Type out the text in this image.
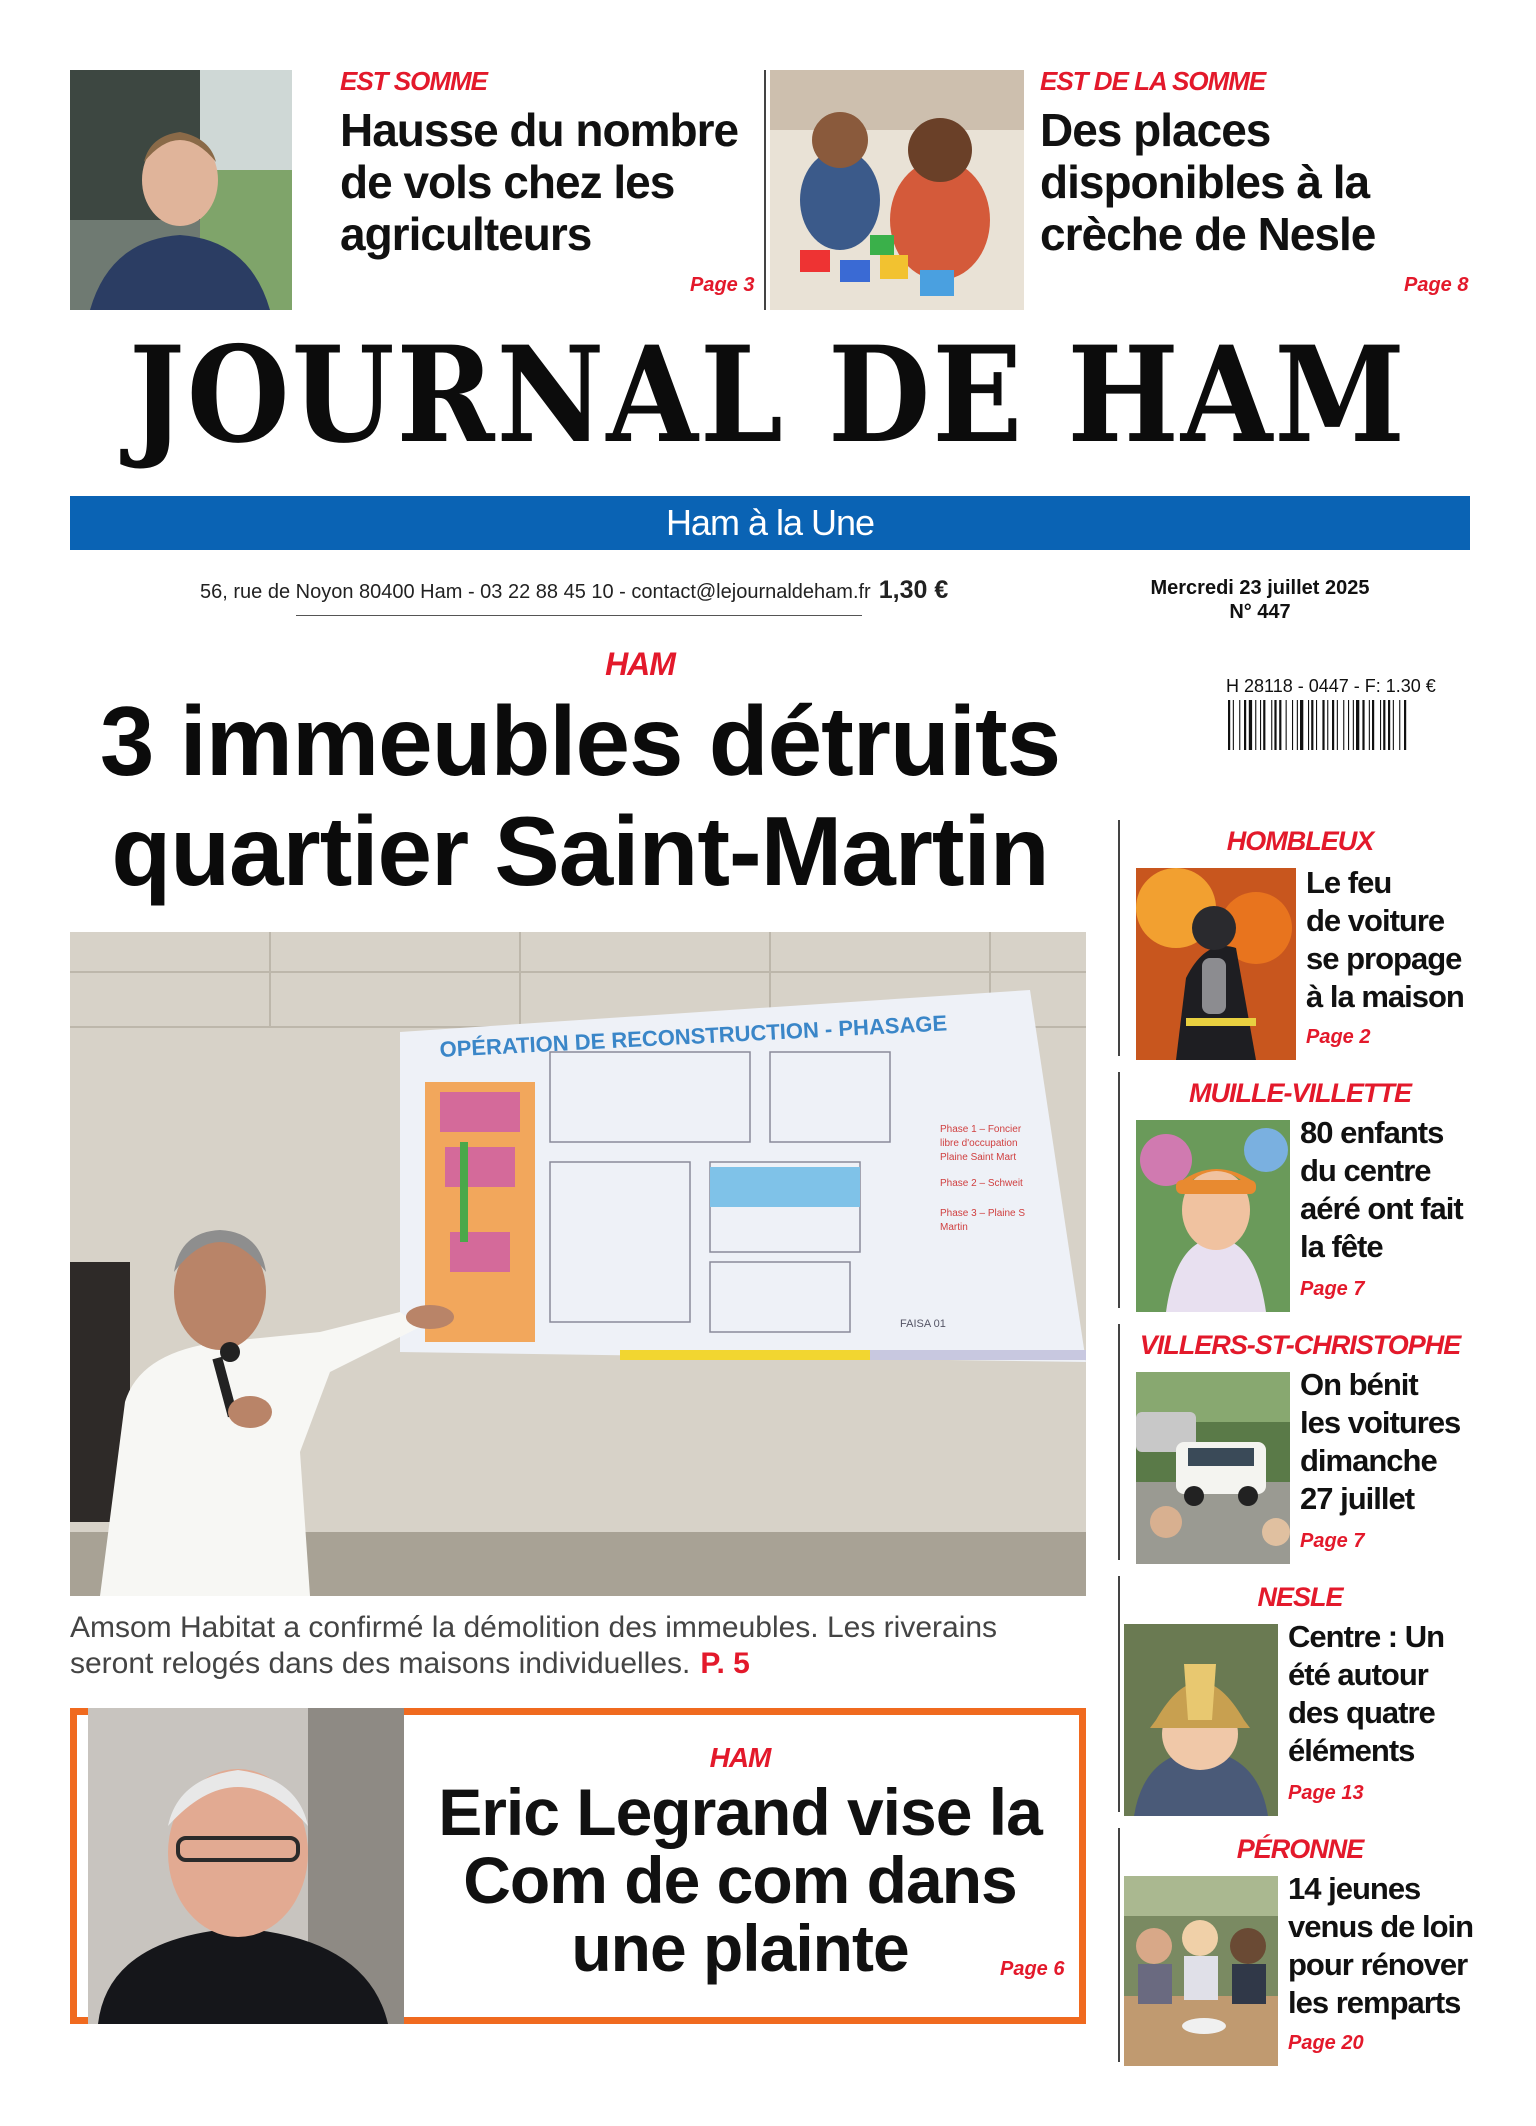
EST SOMME
Hausse du nombre
de vols chez les
agriculteurs
Page 3
EST DE LA SOMME
Des places
disponibles à la
crèche de Nesle
Page 8
JOURNAL DE HAM
Ham à la Une
56, rue de Noyon 80400 Ham - 03 22 88 45 10 - contact@lejournaldeham.fr 1,30 €	Mercredi 23 juillet 2025
N° 447
H 28118 - 0447 - F: 1.30 €
HAM
3 immeubles détruits
quartier Saint-Martin
OPÉRATION DE RECONSTRUCTION - PHASAGE
Phase 1 – Foncier
libre d'occupation
Plaine Saint Mart
Phase 2 – Schweit
Phase 3 – Plaine S
Martin
FAISA 01
Amsom Habitat a confirmé la démolition des immeubles. Les riverains
seront relogés dans des maisons individuelles. P. 5
HAM
Eric Legrand vise la
Com de com dans
une plainte	Page 6
HOMBLEUX
Le feu
de voiture
se propage
à la maison
Page 2
MUILLE-VILLETTE
80 enfants
du centre
aéré ont fait
la fête
Page 7
VILLERS-ST-CHRISTOPHE
On bénit
les voitures
dimanche
27 juillet
Page 7
NESLE
Centre : Un
été autour
des quatre
éléments
Page 13
PÉRONNE
14 jeunes
venus de loin
pour rénover
les remparts
Page 20
